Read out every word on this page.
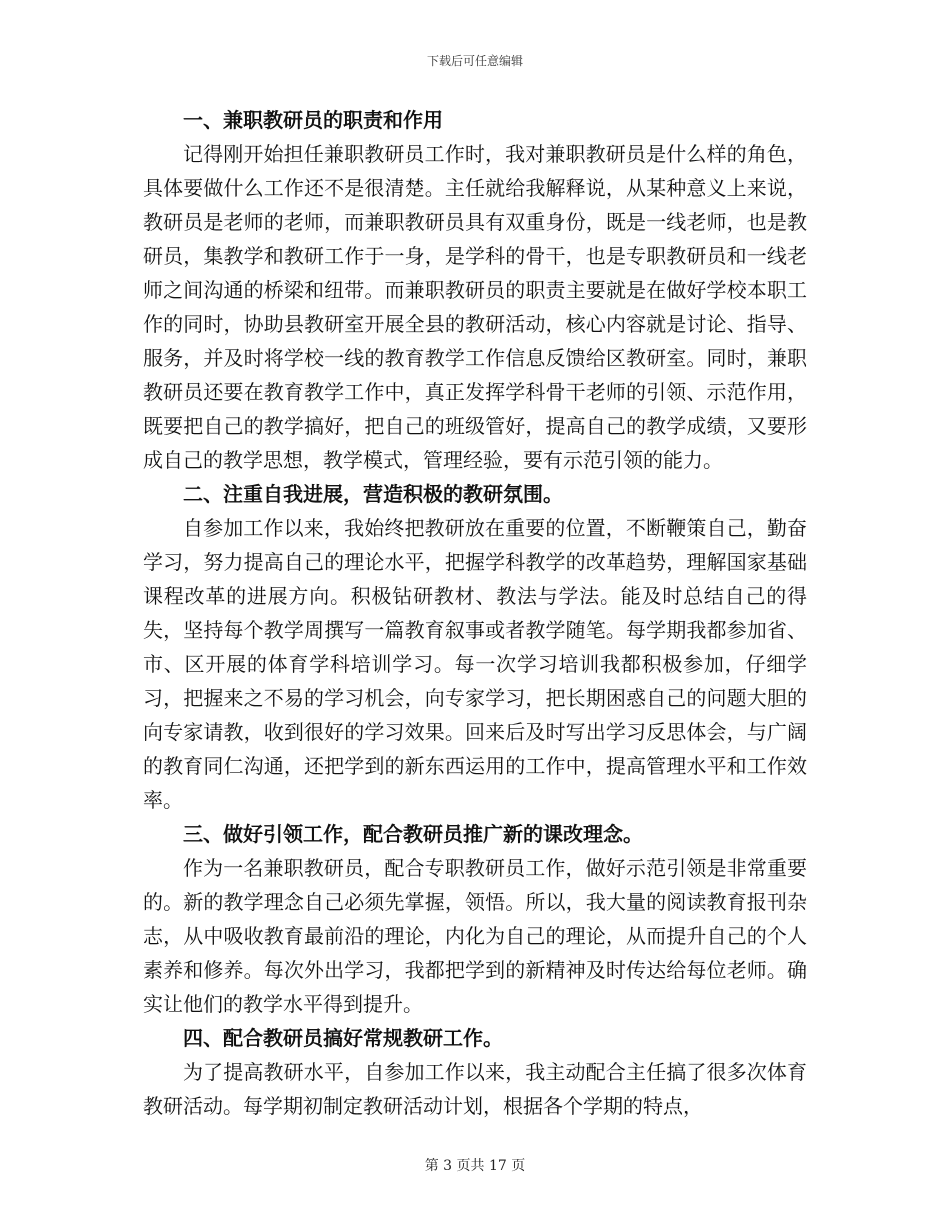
下载后可任意编辑

一、兼职教研员的职责和作用

记得刚开始担任兼职教研员工作时，我对兼职教研员是什么样的角色，具体要做什么工作还不是很清楚。主任就给我解释说，从某种意义上来说，教研员是老师的老师，而兼职教研员具有双重身份，既是一线老师，也是教研员，集教学和教研工作于一身，是学科的骨干，也是专职教研员和一线老师之间沟通的桥梁和纽带。而兼职教研员的职责主要就是在做好学校本职工作的同时，协助县教研室开展全县的教研活动，核心内容就是讨论、指导、服务，并及时将学校一线的教育教学工作信息反馈给区教研室。同时，兼职教研员还要在教育教学工作中，真正发挥学科骨干老师的引领、示范作用，既要把自己的教学搞好，把自己的班级管好，提高自己的教学成绩，又要形成自己的教学思想，教学模式，管理经验，要有示范引领的能力。

二、注重自我进展，营造积极的教研氛围。

自参加工作以来，我始终把教研放在重要的位置，不断鞭策自己，勤奋学习，努力提高自己的理论水平，把握学科教学的改革趋势，理解国家基础课程改革的进展方向。积极钻研教材、教法与学法。能及时总结自己的得失，坚持每个教学周撰写一篇教育叙事或者教学随笔。每学期我都参加省、市、区开展的体育学科培训学习。每一次学习培训我都积极参加，仔细学习，把握来之不易的学习机会，向专家学习，把长期困惑自己的问题大胆的向专家请教，收到很好的学习效果。回来后及时写出学习反思体会，与广阔的教育同仁沟通，还把学到的新东西运用的工作中，提高管理水平和工作效率。

三、做好引领工作，配合教研员推广新的课改理念。

作为一名兼职教研员，配合专职教研员工作，做好示范引领是非常重要的。新的教学理念自己必须先掌握，领悟。所以，我大量的阅读教育报刊杂志，从中吸收教育最前沿的理论，内化为自己的理论，从而提升自己的个人素养和修养。每次外出学习，我都把学到的新精神及时传达给每位老师。确实让他们的教学水平得到提升。

四、配合教研员搞好常规教研工作。

为了提高教研水平，自参加工作以来，我主动配合主任搞了很多次体育教研活动。每学期初制定教研活动计划，根据各个学期的特点，

第 3 页共 17 页
